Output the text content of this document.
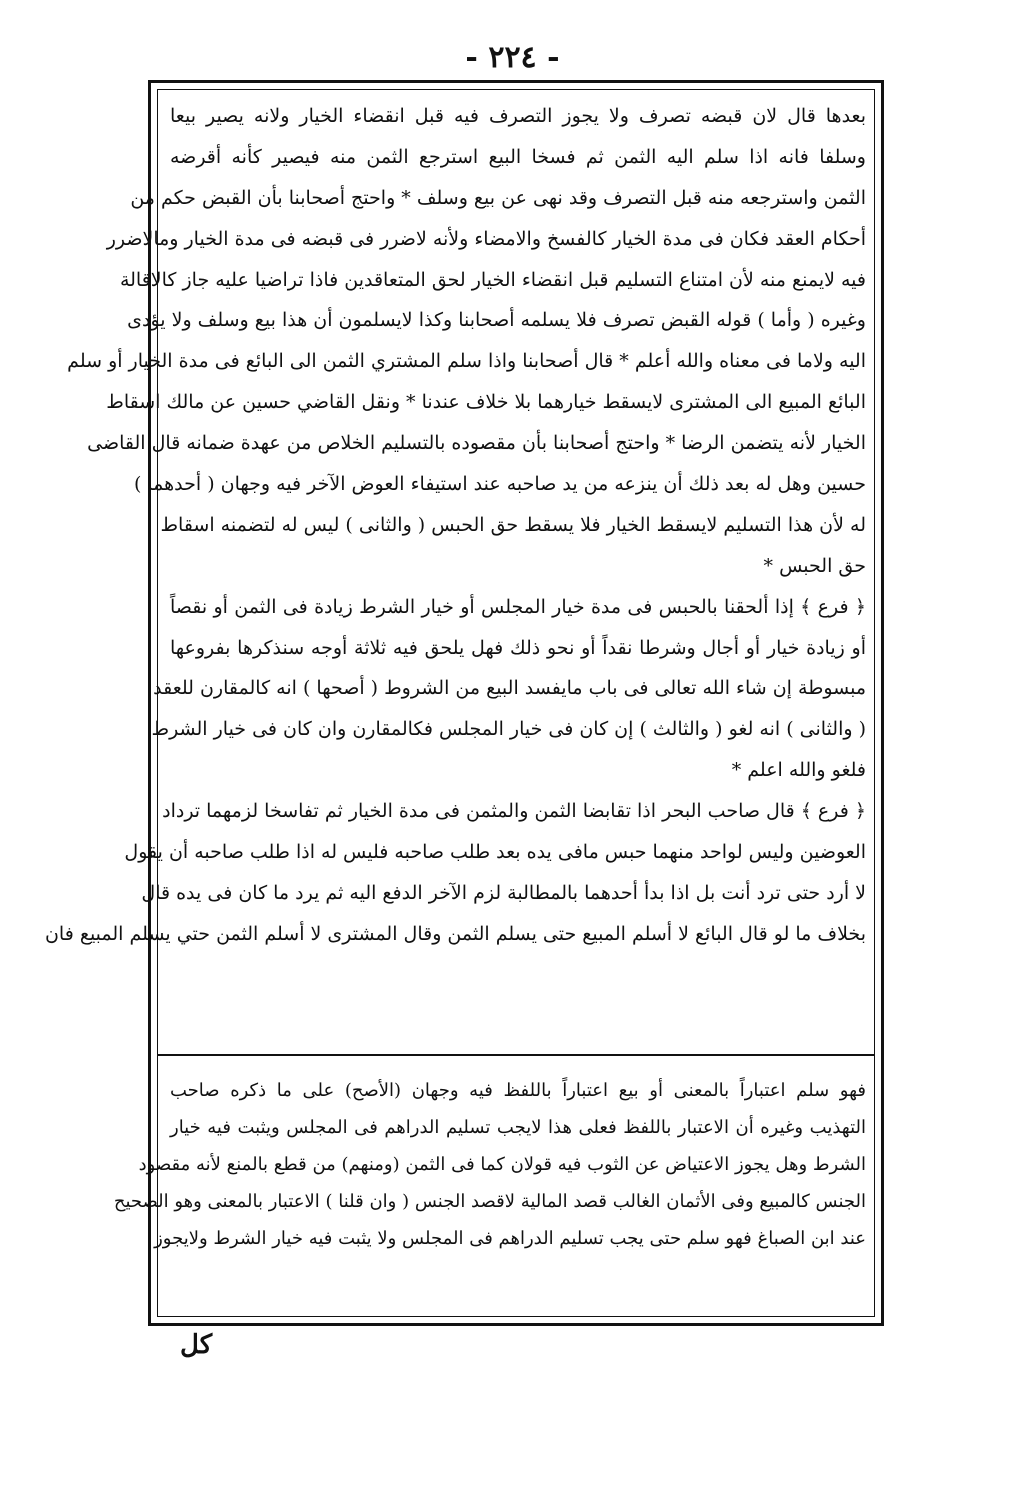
- ٢٢٤ -
بعدها قال لان قبضه تصرف ولا يجوز التصرف فيه قبل انقضاء الخيار ولانه يصير بيعا
وسلفا فانه اذا سلم اليه الثمن ثم فسخا البيع استرجع الثمن منه فيصير كأنه أقرضه
الثمن واسترجعه منه قبل التصرف وقد نهى عن بيع وسلف * واحتج أصحابنا بأن القبض حكم من
أحكام العقد فكان فى مدة الخيار كالفسخ والامضاء ولأنه لاضرر فى قبضه فى مدة الخيار ومالاضرر
فيه لايمنع منه لأن امتناع التسليم قبل انقضاء الخيار لحق المتعاقدين فاذا تراضيا عليه جاز كالاقالة
وغيره ( وأما ) قوله القبض تصرف فلا يسلمه أصحابنا وكذا لايسلمون أن هذا بيع وسلف ولا يؤدى
اليه ولاما فى معناه والله أعلم * قال أصحابنا واذا سلم المشتري الثمن الى البائع فى مدة الخيار أو سلم
البائع المبيع الى المشترى لايسقط خيارهما بلا خلاف عندنا * ونقل القاضي حسين عن مالك اسقاط
الخيار لأنه يتضمن الرضا * واحتج أصحابنا بأن مقصوده بالتسليم الخلاص من عهدة ضمانه قال القاضى
حسين وهل له بعد ذلك أن ينزعه من يد صاحبه عند استيفاء العوض الآخر فيه وجهان ( أحدهما )
له لأن هذا التسليم لايسقط الخيار فلا يسقط حق الحبس ( والثانى ) ليس له لتضمنه اسقاط
حق الحبس *
﴿ فرع ﴾ إذا ألحقنا بالحبس فى مدة خيار المجلس أو خيار الشرط زيادة فى الثمن أو نقصاً
أو زيادة خيار أو أجال وشرطا نقداً أو نحو ذلك فهل يلحق فيه ثلاثة أوجه سنذكرها بفروعها
مبسوطة إن شاء الله تعالى فى باب مايفسد البيع من الشروط ( أصحها ) انه كالمقارن للعقد
( والثانى ) انه لغو ( والثالث ) إن كان فى خيار المجلس فكالمقارن وان كان فى خيار الشرط
فلغو والله اعلم *
﴿ فرع ﴾ قال صاحب البحر اذا تقابضا الثمن والمثمن فى مدة الخيار ثم تفاسخا لزمهما ترداد
العوضين وليس لواحد منهما حبس مافى يده بعد طلب صاحبه فليس له اذا طلب صاحبه أن يقول
لا أرد حتى ترد أنت بل اذا بدأ أحدهما بالمطالبة لزم الآخر الدفع اليه ثم يرد ما كان فى يده قال
بخلاف ما لو قال البائع لا أسلم المبيع حتى يسلم الثمن وقال المشترى لا أسلم الثمن حتي يسلم المبيع فان
فهو سلم اعتباراً بالمعنى أو بيع اعتباراً باللفظ فيه وجهان (الأصح) على ما ذكره صاحب
التهذيب وغيره أن الاعتبار باللفظ فعلى هذا لايجب تسليم الدراهم فى المجلس ويثبت فيه خيار
الشرط وهل يجوز الاعتياض عن الثوب فيه قولان كما فى الثمن (ومنهم) من قطع بالمنع لأنه مقصود
الجنس كالمبيع وفى الأثمان الغالب قصد المالية لاقصد الجنس ( وان قلنا ) الاعتبار بالمعنى وهو الصحيح
عند ابن الصباغ فهو سلم حتى يجب تسليم الدراهم فى المجلس ولا يثبت فيه خيار الشرط ولايجوز
كل
